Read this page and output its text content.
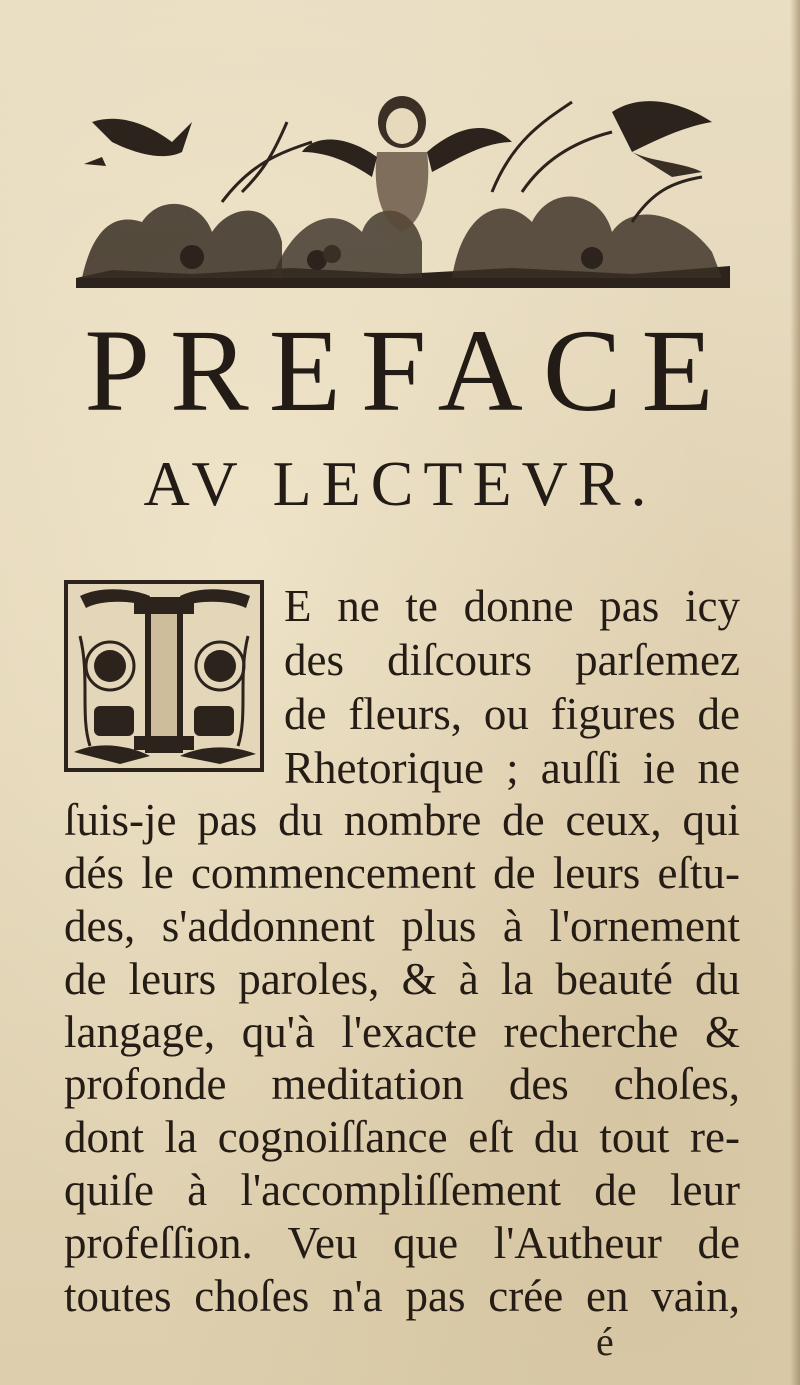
PREFACE
AV LECTEVR.
E ne te donne pas icy
des diſcours parſemez
de fleurs, ou figures de
Rhetorique ; auſſi ie ne
ſuis-je pas du nombre de ceux, qui
dés le commencement de leurs eſtu-
des, s'addonnent plus à l'ornement
de leurs paroles, & à la beauté du
langage, qu'à l'exacte recherche &
profonde meditation des choſes,
dont la cognoiſſance eſt du tout re-
quiſe à l'accompliſſement de leur
profeſſion. Veu que l'Autheur de
toutes choſes n'a pas crée en vain,
é
